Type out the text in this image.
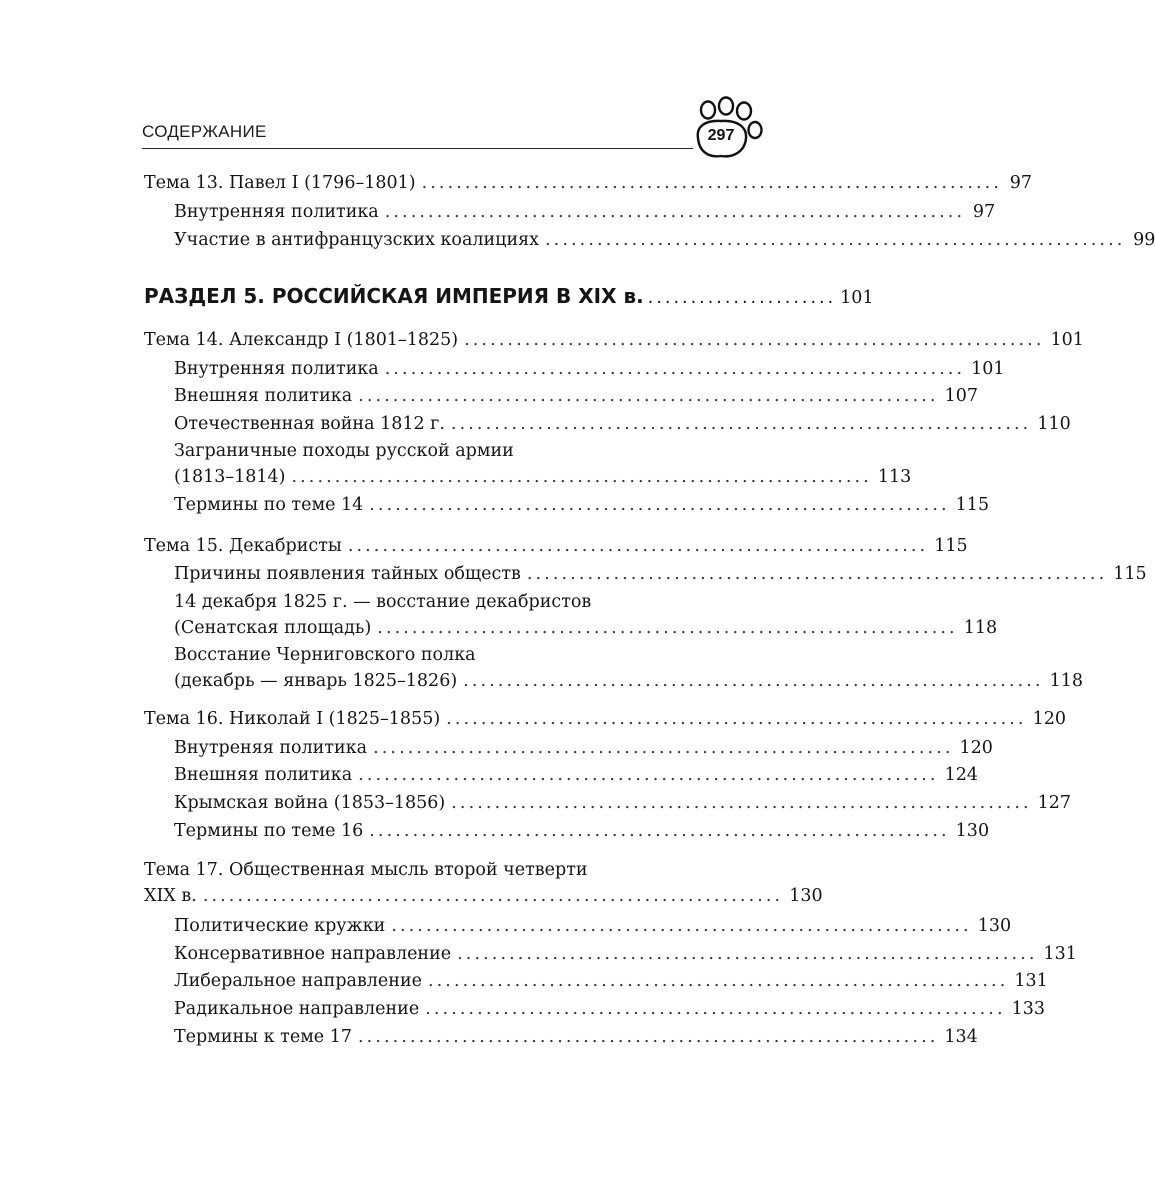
СОДЕРЖАНИЕ	297
Тема 13. Павел I (1796–1801) ................................................................... 97
Внутренняя политика ................................................................... 97
Участие в антифранцузских коалициях ................................................................... 99
РАЗДЕЛ 5. РОССИЙСКАЯ ИМПЕРИЯ В XIX в. ...................... 101
Тема 14. Александр I (1801–1825) ................................................................... 101
Внутренняя политика ................................................................... 101
Внешняя политика ................................................................... 107
Отечественная война 1812 г. ................................................................... 110
Заграничные походы русской армии
(1813–1814) ................................................................... 113
Термины по теме 14 ................................................................... 115
Тема 15. Декабристы ................................................................... 115
Причины появления тайных обществ ................................................................... 115
14 декабря 1825 г. — восстание декабристов
(Сенатская площадь) ................................................................... 118
Восстание Черниговского полка
(декабрь — январь 1825–1826) ................................................................... 118
Тема 16. Николай I (1825–1855) ................................................................... 120
Внутреняя политика ................................................................... 120
Внешняя политика ................................................................... 124
Крымская война (1853–1856) ................................................................... 127
Термины по теме 16 ................................................................... 130
Тема 17. Общественная мысль второй четверти
XIX в. ................................................................... 130
Политические кружки ................................................................... 130
Консервативное направление ................................................................... 131
Либеральное направление ................................................................... 131
Радикальное направление ................................................................... 133
Термины к теме 17 ................................................................... 134
